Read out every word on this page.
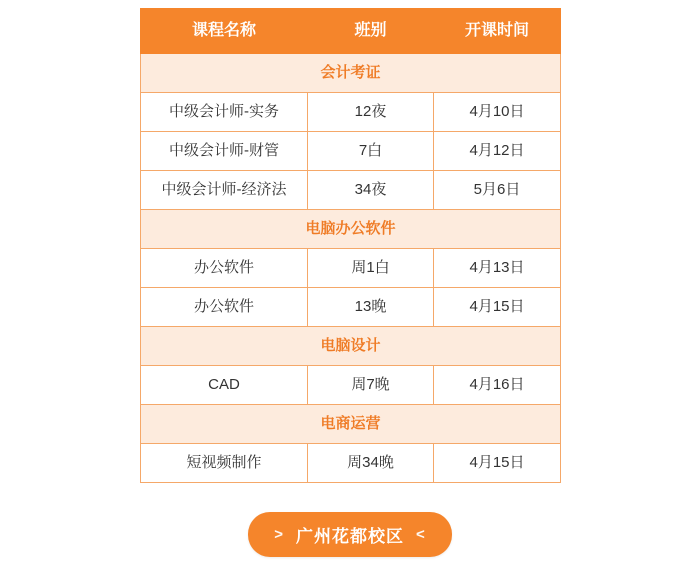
课程名称	班别	开课时间
会计考证		
中级会计师-实务	12夜	4月10日
中级会计师-财管	7白	4月12日
中级会计师-经济法	34夜	5月6日
电脑办公软件		
办公软件	周1白	4月13日
办公软件	13晚	4月15日
电脑设计		
CAD	周7晚	4月16日
电商运营		
短视频制作	周34晚	4月15日
> 广州花都校区 <
